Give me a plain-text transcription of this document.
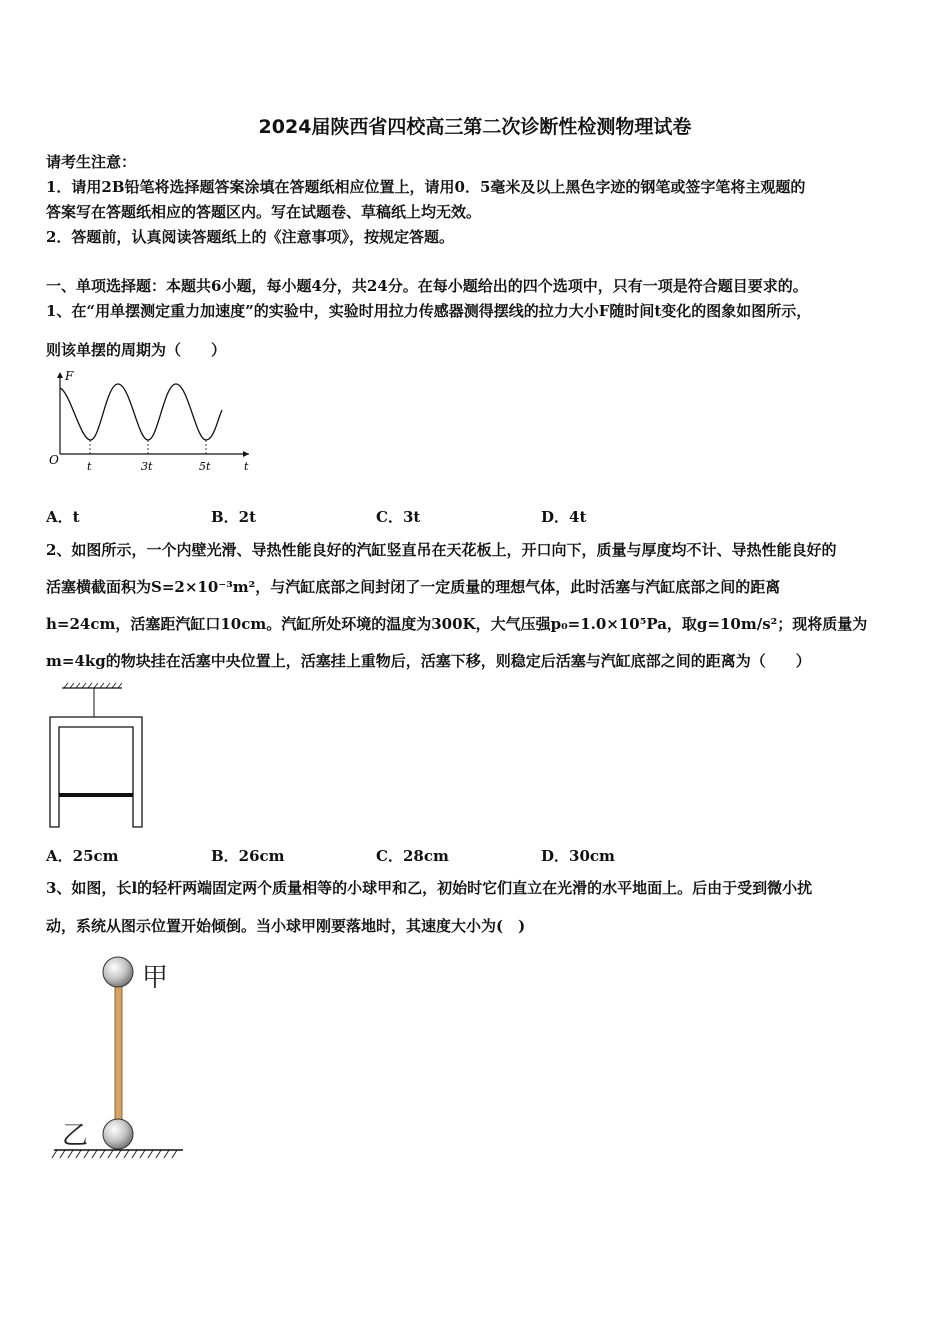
2024届陕西省四校高三第二次诊断性检测物理试卷
请考生注意：
1．请用2B铅笔将选择题答案涂填在答题纸相应位置上，请用0．5毫米及以上黑色字迹的钢笔或签字笔将主观题的
答案写在答题纸相应的答题区内。写在试题卷、草稿纸上均无效。
2．答题前，认真阅读答题纸上的《注意事项》，按规定答题。
一、单项选择题：本题共6小题，每小题4分，共24分。在每小题给出的四个选项中，只有一项是符合题目要求的。
1、在“用单摆测定重力加速度”的实验中，实验时用拉力传感器测得摆线的拉力大小F随时间t变化的图象如图所示，
则该单摆的周期为（　　）
F
O	t
t	3t	5t
A．t	B．2t	C．3t	D．4t
2、如图所示，一个内壁光滑、导热性能良好的汽缸竖直吊在天花板上，开口向下，质量与厚度均不计、导热性能良好的
活塞横截面积为S=2×10⁻³m²，与汽缸底部之间封闭了一定质量的理想气体，此时活塞与汽缸底部之间的距离
h=24cm，活塞距汽缸口10cm。汽缸所处环境的温度为300K，大气压强p₀=1.0×10⁵Pa，取g=10m/s²；现将质量为
m=4kg的物块挂在活塞中央位置上，活塞挂上重物后，活塞下移，则稳定后活塞与汽缸底部之间的距离为（　　）
A．25cm	B．26cm	C．28cm	D．30cm
3、如图，长l的轻杆两端固定两个质量相等的小球甲和乙，初始时它们直立在光滑的水平地面上。后由于受到微小扰
动，系统从图示位置开始倾倒。当小球甲刚要落地时，其速度大小为(　)
甲
乙
